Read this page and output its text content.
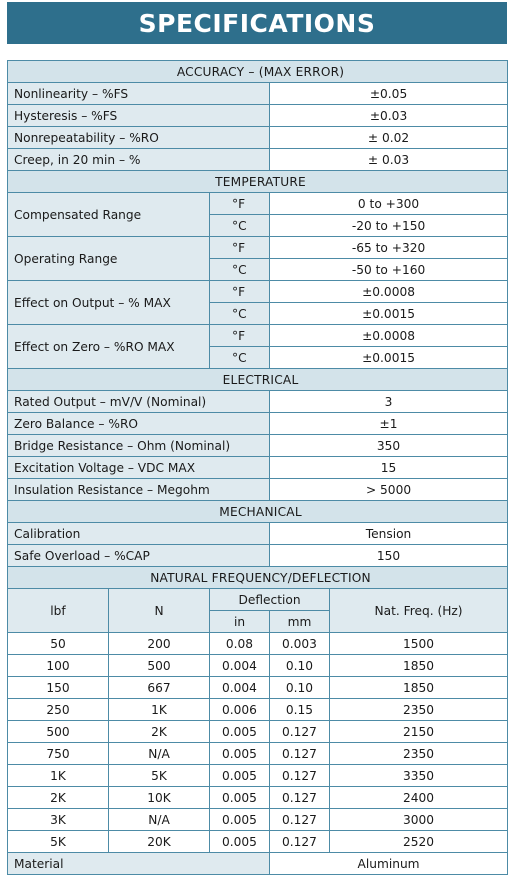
SPECIFICATIONS
ACCURACY – (MAX ERROR)				
Nonlinearity – %FS			±0.05	
Hysteresis – %FS			±0.03	
Nonrepeatability – %RO			± 0.02	
Creep, in 20 min – %			± 0.03	
TEMPERATURE				
Compensated Range		°F	0 to +300	
		°C	-20 to +150	
Operating Range		°F	-65 to +320	
		°C	-50 to +160	
Effect on Output – % MAX		°F	±0.0008	
		°C	±0.0015	
Effect on Zero – %RO MAX		°F	±0.0008	
		°C	±0.0015	
ELECTRICAL				
Rated Output – mV/V (Nominal)			3	
Zero Balance – %RO			±1	
Bridge Resistance – Ohm (Nominal)			350	
Excitation Voltage – VDC MAX			15	
Insulation Resistance – Megohm			> 5000	
MECHANICAL				
Calibration			Tension	
Safe Overload – %CAP			150	
NATURAL FREQUENCY/DEFLECTION				
lbf	N	Deflection		Nat. Freq. (Hz)
		in	mm	
50	200	0.08	0.003	1500
100	500	0.004	0.10	1850
150	667	0.004	0.10	1850
250	1K	0.006	0.15	2350
500	2K	0.005	0.127	2150
750	N/A	0.005	0.127	2350
1K	5K	0.005	0.127	3350
2K	10K	0.005	0.127	2400
3K	N/A	0.005	0.127	3000
5K	20K	0.005	0.127	2520
Material			Aluminum	
